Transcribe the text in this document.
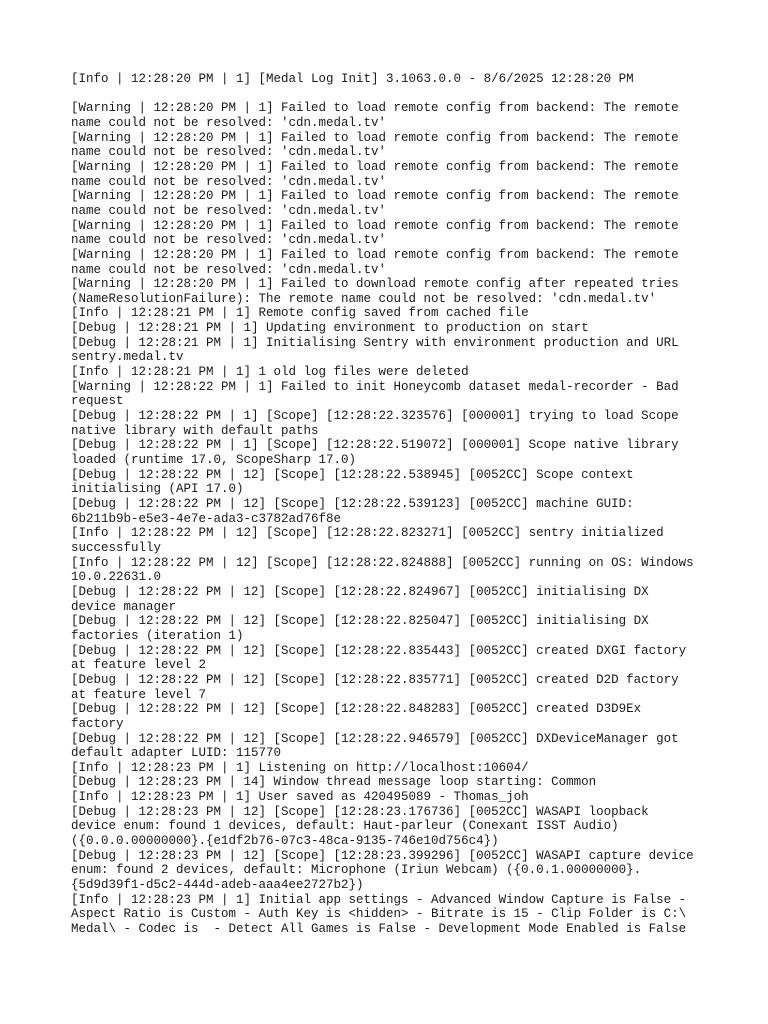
[Info | 12:28:20 PM | 1] [Medal Log Init] 3.1063.0.0 - 8/6/2025 12:28:20 PM
[Warning | 12:28:20 PM | 1] Failed to load remote config from backend: The remote
name could not be resolved: 'cdn.medal.tv'
[Warning | 12:28:20 PM | 1] Failed to load remote config from backend: The remote
name could not be resolved: 'cdn.medal.tv'
[Warning | 12:28:20 PM | 1] Failed to load remote config from backend: The remote
name could not be resolved: 'cdn.medal.tv'
[Warning | 12:28:20 PM | 1] Failed to load remote config from backend: The remote
name could not be resolved: 'cdn.medal.tv'
[Warning | 12:28:20 PM | 1] Failed to load remote config from backend: The remote
name could not be resolved: 'cdn.medal.tv'
[Warning | 12:28:20 PM | 1] Failed to load remote config from backend: The remote
name could not be resolved: 'cdn.medal.tv'
[Warning | 12:28:20 PM | 1] Failed to download remote config after repeated tries
(NameResolutionFailure): The remote name could not be resolved: 'cdn.medal.tv'
[Info | 12:28:21 PM | 1] Remote config saved from cached file
[Debug | 12:28:21 PM | 1] Updating environment to production on start
[Debug | 12:28:21 PM | 1] Initialising Sentry with environment production and URL
sentry.medal.tv
[Info | 12:28:21 PM | 1] 1 old log files were deleted
[Warning | 12:28:22 PM | 1] Failed to init Honeycomb dataset medal-recorder - Bad
request
[Debug | 12:28:22 PM | 1] [Scope] [12:28:22.323576] [000001] trying to load Scope
native library with default paths
[Debug | 12:28:22 PM | 1] [Scope] [12:28:22.519072] [000001] Scope native library
loaded (runtime 17.0, ScopeSharp 17.0)
[Debug | 12:28:22 PM | 12] [Scope] [12:28:22.538945] [0052CC] Scope context
initialising (API 17.0)
[Debug | 12:28:22 PM | 12] [Scope] [12:28:22.539123] [0052CC] machine GUID:
6b211b9b-e5e3-4e7e-ada3-c3782ad76f8e
[Info | 12:28:22 PM | 12] [Scope] [12:28:22.823271] [0052CC] sentry initialized
successfully
[Info | 12:28:22 PM | 12] [Scope] [12:28:22.824888] [0052CC] running on OS: Windows
10.0.22631.0
[Debug | 12:28:22 PM | 12] [Scope] [12:28:22.824967] [0052CC] initialising DX
device manager
[Debug | 12:28:22 PM | 12] [Scope] [12:28:22.825047] [0052CC] initialising DX
factories (iteration 1)
[Debug | 12:28:22 PM | 12] [Scope] [12:28:22.835443] [0052CC] created DXGI factory
at feature level 2
[Debug | 12:28:22 PM | 12] [Scope] [12:28:22.835771] [0052CC] created D2D factory
at feature level 7
[Debug | 12:28:22 PM | 12] [Scope] [12:28:22.848283] [0052CC] created D3D9Ex
factory
[Debug | 12:28:22 PM | 12] [Scope] [12:28:22.946579] [0052CC] DXDeviceManager got
default adapter LUID: 115770
[Info | 12:28:23 PM | 1] Listening on http://localhost:10604/
[Debug | 12:28:23 PM | 14] Window thread message loop starting: Common
[Info | 12:28:23 PM | 1] User saved as 420495089 - Thomas_joh
[Debug | 12:28:23 PM | 12] [Scope] [12:28:23.176736] [0052CC] WASAPI loopback
device enum: found 1 devices, default: Haut-parleur (Conexant ISST Audio)
({0.0.0.00000000}.{e1df2b76-07c3-48ca-9135-746e10d756c4})
[Debug | 12:28:23 PM | 12] [Scope] [12:28:23.399296] [0052CC] WASAPI capture device
enum: found 2 devices, default: Microphone (Iriun Webcam) ({0.0.1.00000000}.
{5d9d39f1-d5c2-444d-adeb-aaa4ee2727b2})
[Info | 12:28:23 PM | 1] Initial app settings - Advanced Window Capture is False -
Aspect Ratio is Custom - Auth Key is <hidden> - Bitrate is 15 - Clip Folder is C:\
Medal\ - Codec is  - Detect All Games is False - Development Mode Enabled is False
